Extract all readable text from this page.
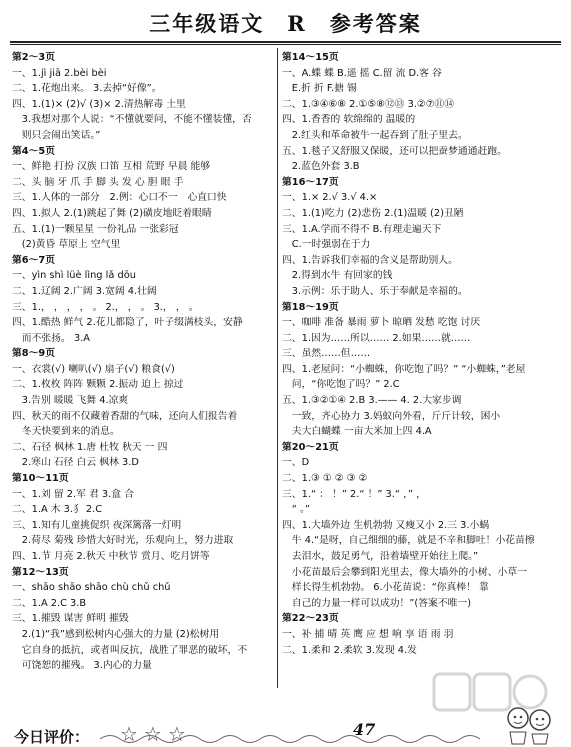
三年级语文　R　参考答案
第2～3页
一、1.jì jiā 2.bèi bèi
二、1.花炮出来。 3.去掉“好像”。
四、1.(1)× (2)√ (3)× 2.清热解毒 土里
　3.我想对那个人说：“不懂就要问，不能不懂装懂，否
　则只会闹出笑话。”
第4～5页
一、鲜艳 打扮 汉族 口笛 互相 荒野 早晨 能够
二、头 脑 牙 爪 手 脚 头 发 心 胆 眼 手
三、1.人体的一部分　2.例：心口不一　心直口快
四、1.拟人 2.(1)跳起了舞 (2)磺皮地眨着眼睛
五、1.(1)一颗星星 一份礼品 一张彩冠
　(2)黄昏 草原上 空气里
第6～7页
一、yìn shì lüè lìng lǎ dōu
二、1.辽阔 2.广阔 3.宽阔 4.壮阔
三、1.， ， ， ， 。 2.， ， 。 3.， ， 。
四、1.酷热 鲜气 2.花儿都隐了，叶子缀满枝头，安静
　而不张扬。 3.A
第8～9页
一、衣裳(√) 喇叭(√) 扇子(√) 粮食(√)
二、1.枚枚 阵阵 颗颗 2.振动 迫上 掠过
　3.告别 暖暖 飞舞 4.凉爽
四、秋天的雨不仅藏着香甜的气味，还向人们报告着
　冬天快要到来的消息。
二、石径 枫林 1.唐 杜牧 秋天 一 四
　2.寒山 石径 白云 枫林 3.D
第10～11页
一、1.刘 留 2.军 君 3.盒 合
二、1.A 木 3.犭 2.C
三、1.知有儿童挑促织 夜深篱落一灯明
　2.荷尽 菊残 珍惜大好时光，乐观向上，努力进取
四、1.节 月亮 2.秋天 中秋节 赏月、吃月饼等
第12～13页
一、shāo shāo shāo chù chǔ chǔ
二、1.A 2.C 3.B
三、1.摧毁 谋害 鲜明 摧毁
　2.(1)“我”感到松树内心强大的力量 (2)松树用
　它自身的抵抗，或者叫反抗，战胜了罪恶的破坏，不
　可饶恕的摧残。 3.内心的力量
第14～15页
一、A.蝶 蝶 B.遥 摇 C.留 流 D.客 谷
　E.折 折 F.搪 锡
二、1.③④⑥⑧ 2.①⑤⑧⑫⑬ 3.②⑦⑪⑭
四、1.香香的 软绵绵的 温暖的
　2.红头和革命被牛一起吞到了肚子里去。
五、1.毯子又舒服又保暖，还可以把蚕梦通通赶跑。
　2.蓝色外套 3.B
第16～17页
一、1.× 2.√ 3.√ 4.×
二、1.(1)吃力 (2)悲伤 2.(1)温暖 (2)丑陋
三、1.A.学而不得不 B.有理走遍天下
　C.一时强弱在于力
四、1.告诉我们幸福的含义是帮助别人。
　2.得到水牛 有回家的钱
　3.示例：乐于助人、乐于奉献是幸福的。
第18～19页
一、咖啡 准备 暴雨 萝卜 晾晒 发愁 吃饱 讨厌
二、1.因为……所以…… 2.如果……就……
三、虽然……但……
四、1.老屋问：“小蜘蛛，你吃饱了吗？” “小蜘蛛，”老屋
　问，“你吃饱了吗？” 2.C
五、1.③②①④ 2.B 3.—— 4. 2.大家步调
　一致，齐心协力 3.妈蚁向外看，斤斤计较，困小
　夫大白蝴蝶 一亩大米加上四 4.A
第20～21页
一、D
二、1.③ ① ② ③ ②
三、1.“ ： ！” 2.“ ！” 3.“ ，” ，
　“ 。”
四、1.大墙外边 生机勃勃 又瘦又小 2.三 3.小蜗
　牛 4.“是呀，自己细细的藤，就是不辛和脚吐！小花苗擦
　去泪水，鼓足勇气，沿着墙壁开始往上爬。”
　小花苗最后会攀到阳光里去，像大墙外的小树、小草一
　样长得生机勃勃。 6.小花苗说：“你真棒！ 靠
　自己的力量一样可以成功！”(答案不唯一)
第22～23页
一、补 捕 晴 英 鹰 应 想 响 享 语 雨 羽
二、1.柔和 2.柔软 3.发现 4.发
今日评价： ☆☆☆	47
